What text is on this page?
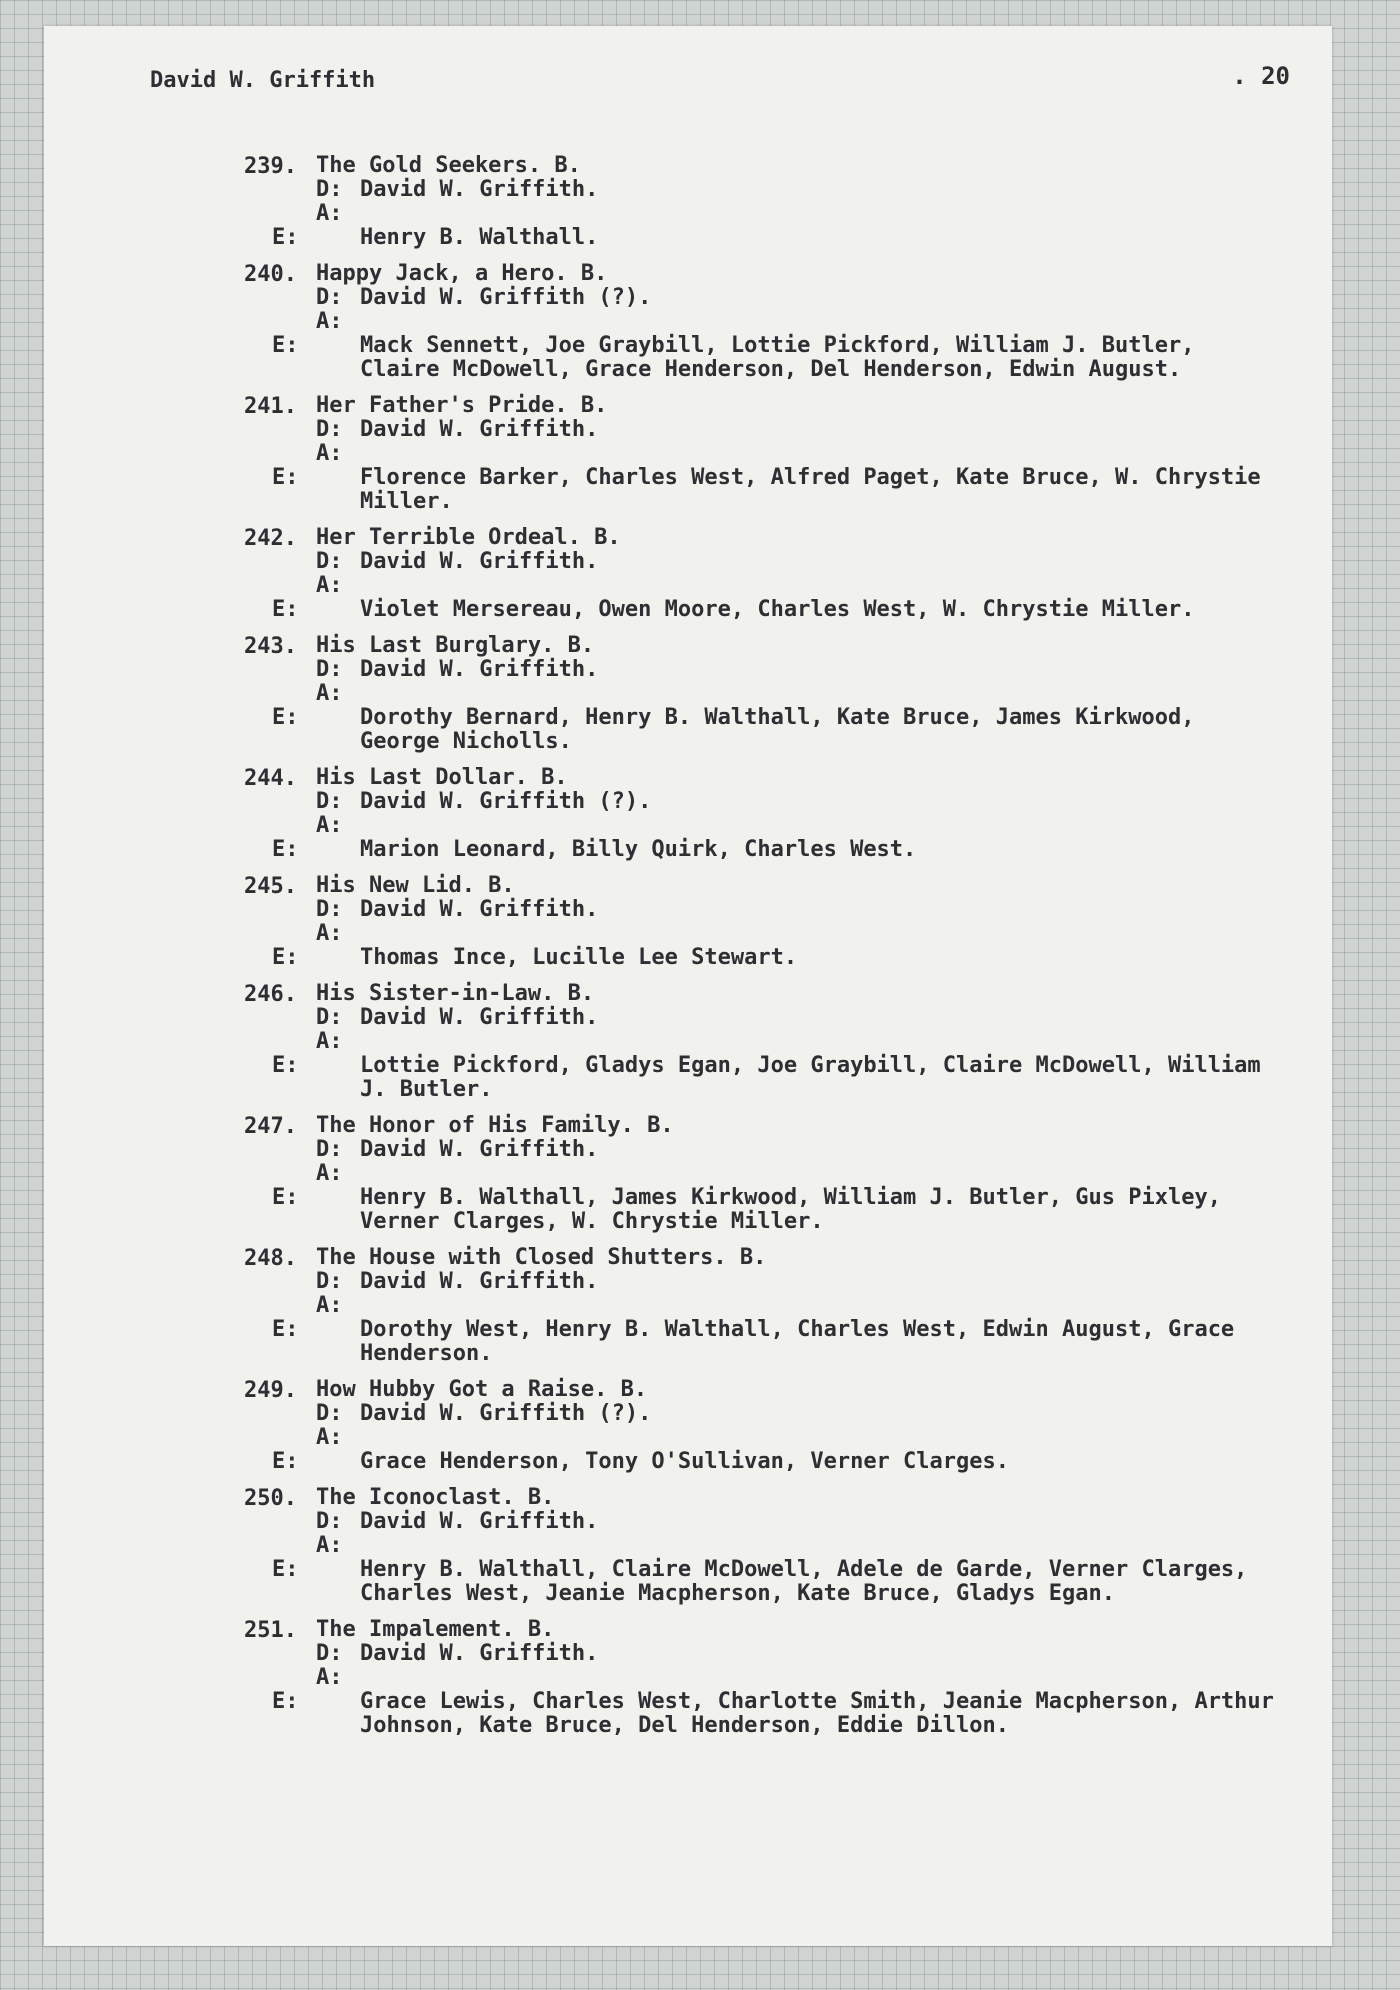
David W. Griffith	. 20
239. The Gold Seekers. B.
D: David W. Griffith.
A:
E:	Henry B. Walthall.
240. Happy Jack, a Hero. B.
D: David W. Griffith (?).
A:
E:	Mack Sennett, Joe Graybill, Lottie Pickford, William J. Butler, Claire McDowell, Grace Henderson, Del Henderson, Edwin August.
241. Her Father's Pride. B.
D: David W. Griffith.
A:
E:	Florence Barker, Charles West, Alfred Paget, Kate Bruce, W. Chrystie Miller.
242. Her Terrible Ordeal. B.
D: David W. Griffith.
A:
E:	Violet Mersereau, Owen Moore, Charles West, W. Chrystie Miller.
243. His Last Burglary. B.
D: David W. Griffith.
A:
E:	Dorothy Bernard, Henry B. Walthall, Kate Bruce, James Kirkwood, George Nicholls.
244. His Last Dollar. B.
D: David W. Griffith (?).
A:
E:	Marion Leonard, Billy Quirk, Charles West.
245. His New Lid. B.
D: David W. Griffith.
A:
E:	Thomas Ince, Lucille Lee Stewart.
246. His Sister-in-Law. B.
D: David W. Griffith.
A:
E:	Lottie Pickford, Gladys Egan, Joe Graybill, Claire McDowell, William J. Butler.
247. The Honor of His Family. B.
D: David W. Griffith.
A:
E:	Henry B. Walthall, James Kirkwood, William J. Butler, Gus Pixley, Verner Clarges, W. Chrystie Miller.
248. The House with Closed Shutters. B.
D: David W. Griffith.
A:
E:	Dorothy West, Henry B. Walthall, Charles West, Edwin August, Grace Henderson.
249. How Hubby Got a Raise. B.
D: David W. Griffith (?).
A:
E:	Grace Henderson, Tony O'Sullivan, Verner Clarges.
250. The Iconoclast. B.
D: David W. Griffith.
A:
E:	Henry B. Walthall, Claire McDowell, Adele de Garde, Verner Clarges, Charles West, Jeanie Macpherson, Kate Bruce, Gladys Egan.
251. The Impalement. B.
D: David W. Griffith.
A:
E:	Grace Lewis, Charles West, Charlotte Smith, Jeanie Macpherson, Arthur Johnson, Kate Bruce, Del Henderson, Eddie Dillon.
